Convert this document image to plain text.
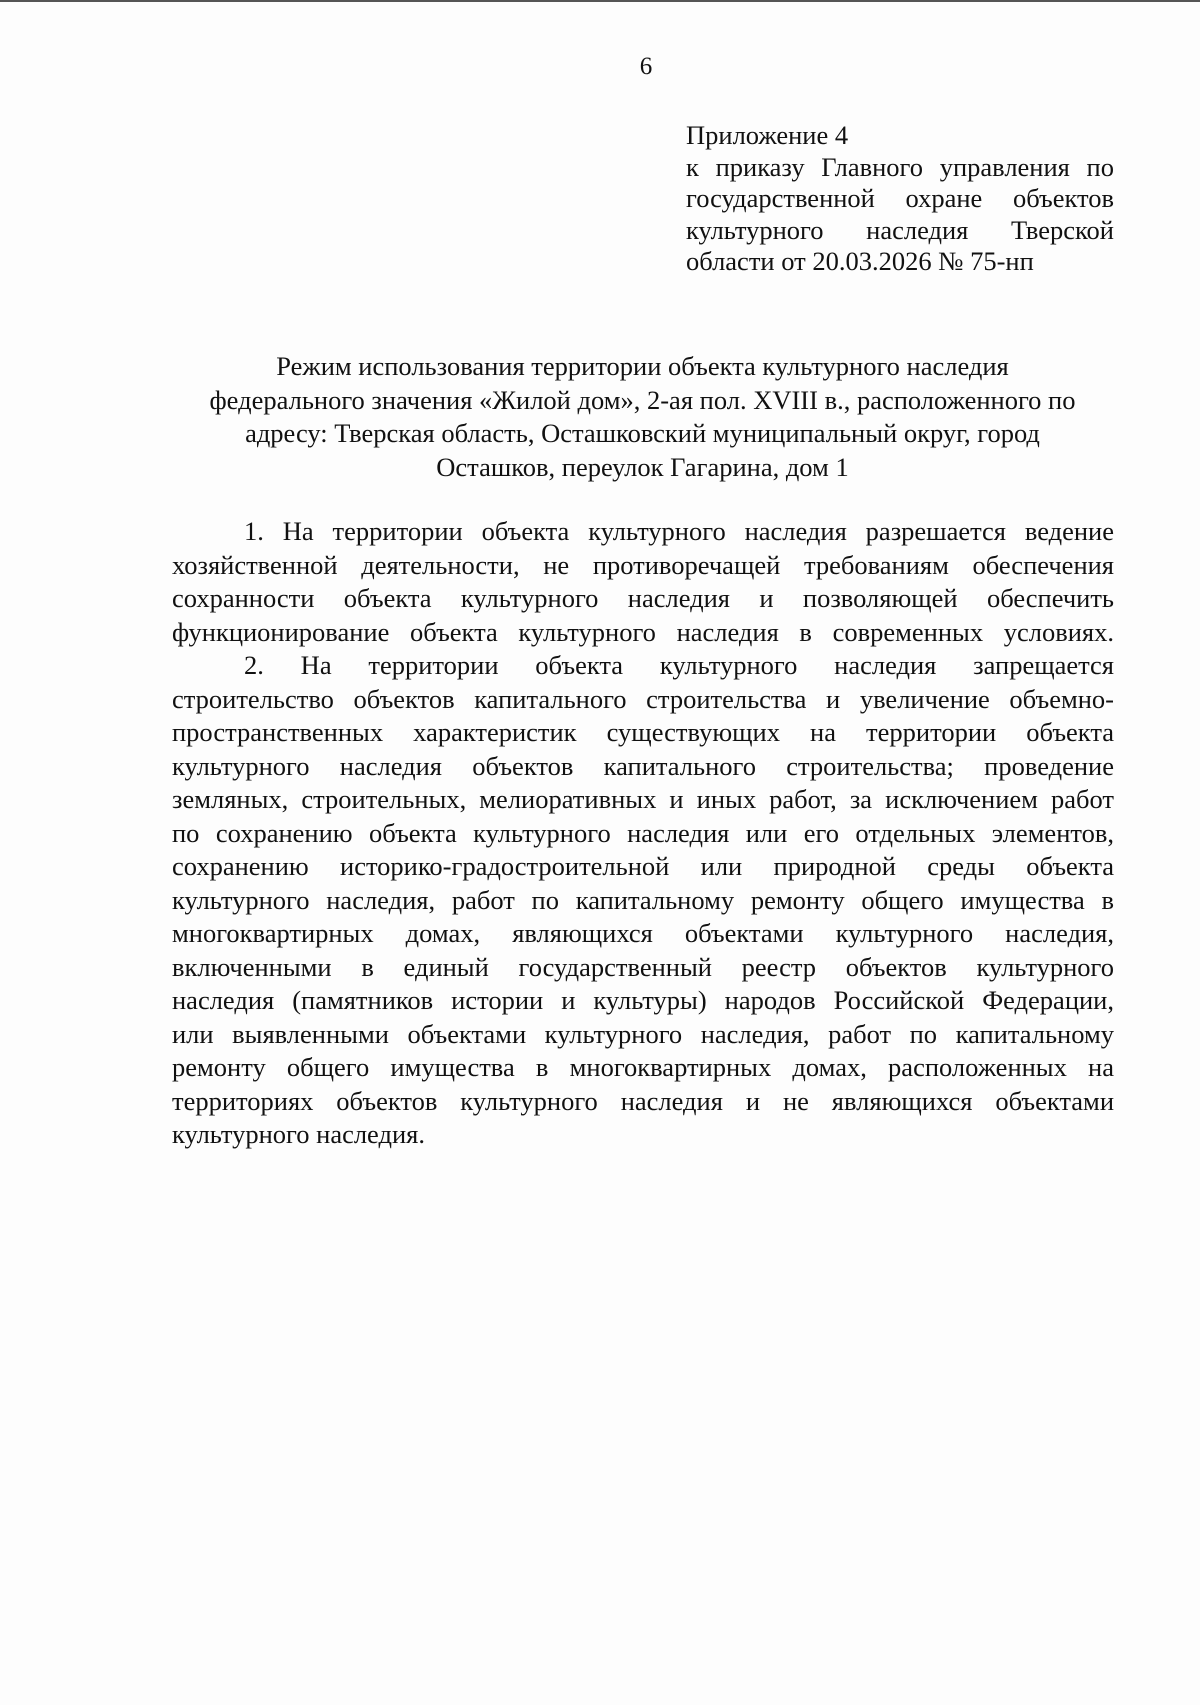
6
Приложение 4
к приказу Главного управления по
государственной охране объектов
культурного наследия Тверской
области от 20.03.2026 № 75-нп
Режим использования территории объекта культурного наследия
федерального значения «Жилой дом», 2-ая пол. XVIII в., расположенного по
адресу: Тверская область, Осташковский муниципальный округ, город
Осташков, переулок Гагарина, дом 1
1. На территории объекта культурного наследия разрешается ведение
хозяйственной деятельности, не противоречащей требованиям обеспечения
сохранности объекта культурного наследия и позволяющей обеспечить
функционирование объекта культурного наследия в современных условиях.
2. На территории объекта культурного наследия запрещается
строительство объектов капитального строительства и увеличение объемно-
пространственных характеристик существующих на территории объекта
культурного наследия объектов капитального строительства; проведение
земляных, строительных, мелиоративных и иных работ, за исключением работ
по сохранению объекта культурного наследия или его отдельных элементов,
сохранению историко-градостроительной или природной среды объекта
культурного наследия, работ по капитальному ремонту общего имущества в
многоквартирных домах, являющихся объектами культурного наследия,
включенными в единый государственный реестр объектов культурного
наследия (памятников истории и культуры) народов Российской Федерации,
или выявленными объектами культурного наследия, работ по капитальному
ремонту общего имущества в многоквартирных домах, расположенных на
территориях объектов культурного наследия и не являющихся объектами
культурного наследия.
